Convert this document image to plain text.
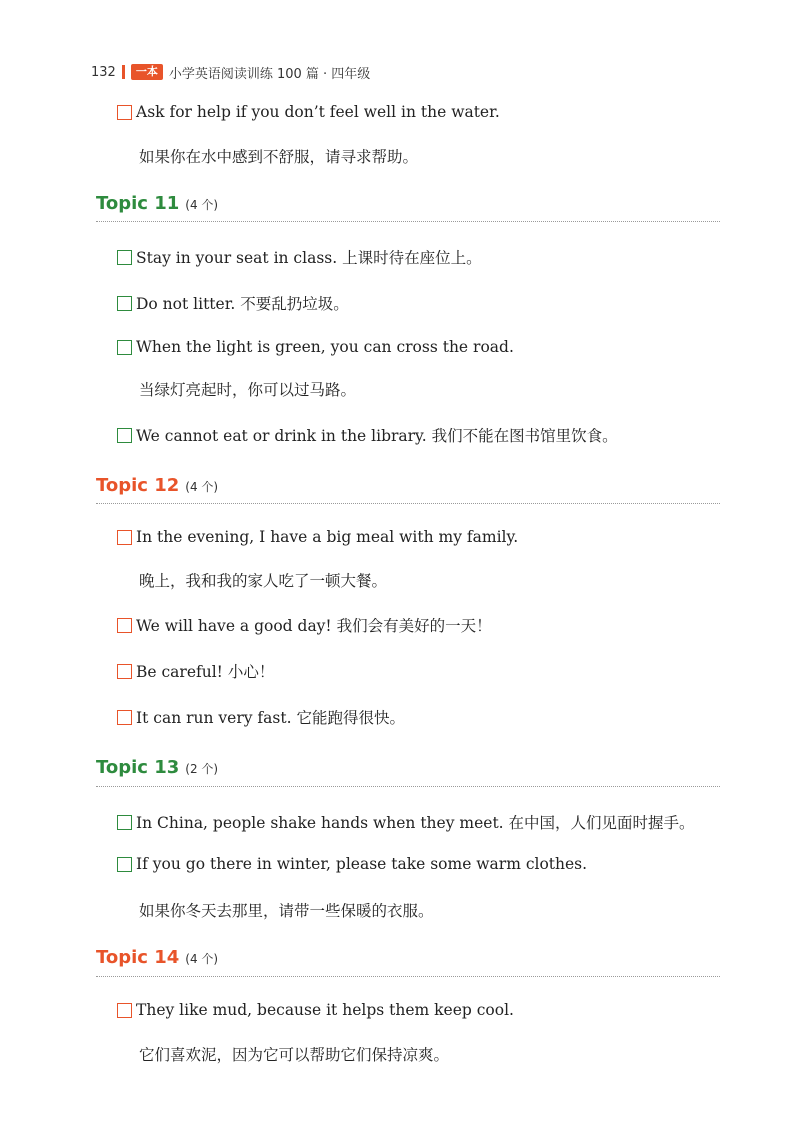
132	一本 小学英语阅读训练 100 篇 · 四年级
Ask for help if you don’t feel well in the water.
如果你在水中感到不舒服，请寻求帮助。
Topic 11 (4 个)
Stay in your seat in class. 上课时待在座位上。
Do not litter. 不要乱扔垃圾。
When the light is green, you can cross the road.
当绿灯亮起时，你可以过马路。
We cannot eat or drink in the library. 我们不能在图书馆里饮食。
Topic 12 (4 个)
In the evening, I have a big meal with my family.
晚上，我和我的家人吃了一顿大餐。
We will have a good day! 我们会有美好的一天！
Be careful! 小心！
It can run very fast. 它能跑得很快。
Topic 13 (2 个)
In China, people shake hands when they meet. 在中国，人们见面时握手。
If you go there in winter, please take some warm clothes.
如果你冬天去那里，请带一些保暖的衣服。
Topic 14 (4 个)
They like mud, because it helps them keep cool.
它们喜欢泥，因为它可以帮助它们保持凉爽。
